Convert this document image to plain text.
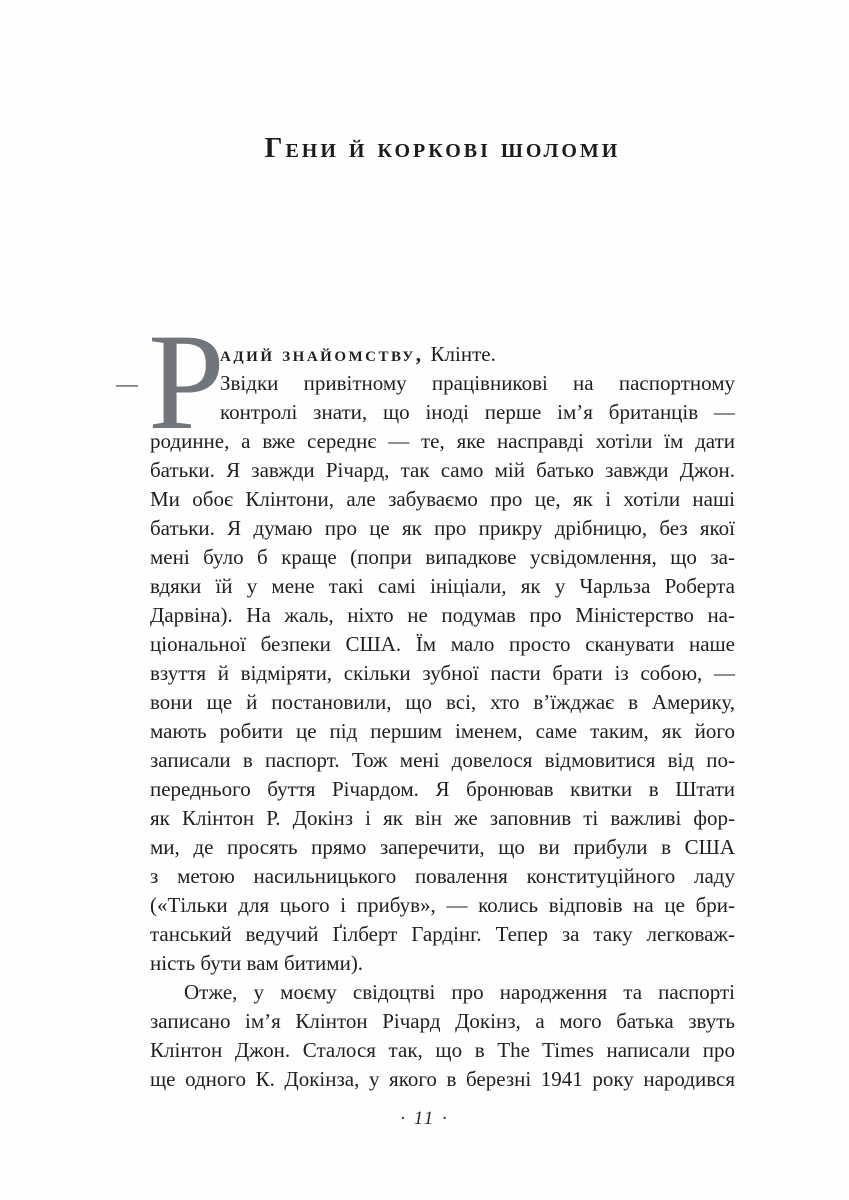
Гени й коркові шоломи
— Р
адий знайомству, Клінте.
Звідки привітному працівникові на паспортному
контролі знати, що іноді перше ім’я британців —
родинне, а вже середнє — те, яке насправді хотіли їм дати
батьки. Я завжди Річард, так само мій батько завжди Джон.
Ми обоє Клінтони, але забуваємо про це, як і хотіли наші
батьки. Я думаю про це як про прикру дрібницю, без якої
мені було б краще (попри випадкове усвідомлення, що за-
вдяки їй у мене такі самі ініціали, як у Чарльза Роберта
Дарвіна). На жаль, ніхто не подумав про Міністерство на-
ціональної безпеки США. Їм мало просто сканувати наше
взуття й відміряти, скільки зубної пасти брати із собою, —
вони ще й постановили, що всі, хто в’їжджає в Америку,
мають робити це під першим іменем, саме таким, як його
записали в паспорт. Тож мені довелося відмовитися від по-
переднього буття Річардом. Я бронював квитки в Штати
як Клінтон Р. Докінз і як він же заповнив ті важливі фор-
ми, де просять прямо заперечити, що ви прибули в США
з метою насильницького повалення конституційного ладу
(«Тільки для цього і прибув», — колись відповів на це бри-
танський ведучий Ґілберт Гардінг. Тепер за таку легковаж-
ність бути вам битими).
Отже, у моєму свідоцтві про народження та паспорті
записано ім’я Клінтон Річард Докінз, а мого батька звуть
Клінтон Джон. Сталося так, що в The Times написали про
ще одного К. Докінза, у якого в березні 1941 року народився
· 11 ·
